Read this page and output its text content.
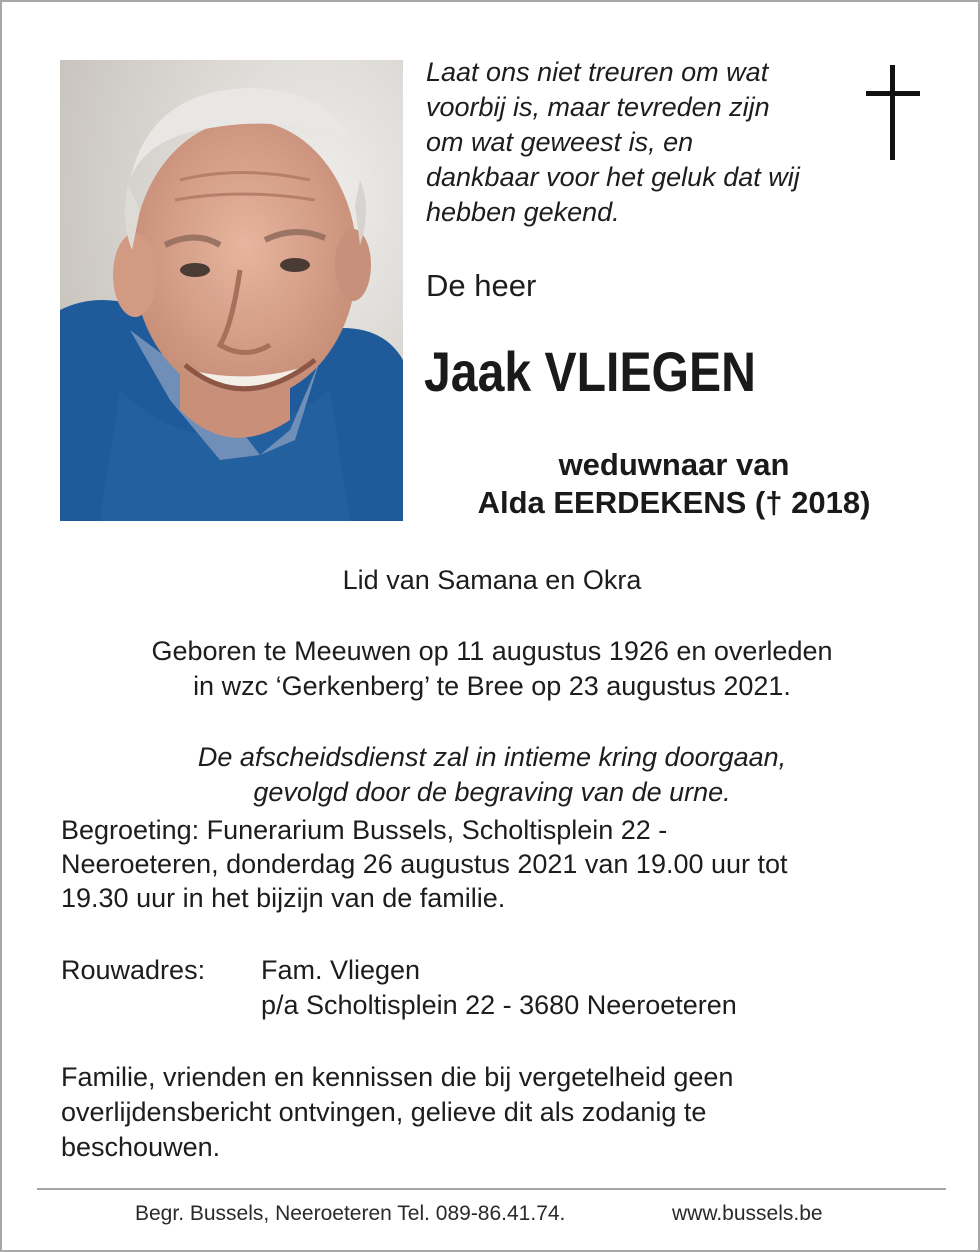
Laat ons niet treuren om wat
voorbij is, maar tevreden zijn
om wat geweest is, en
dankbaar voor het geluk dat wij
hebben gekend.
De heer
Jaak VLIEGEN
weduwnaar van
Alda EERDEKENS († 2018)
Lid van Samana en Okra
Geboren te Meeuwen op 11 augustus 1926 en overleden
in wzc ‘Gerkenberg’ te Bree op 23 augustus 2021.
De afscheidsdienst zal in intieme kring doorgaan,
gevolgd door de begraving van de urne.
Begroeting: Funerarium Bussels, Scholtisplein 22 -
Neeroeteren, donderdag 26 augustus 2021 van 19.00 uur tot
19.30 uur in het bijzijn van de familie.
Rouwadres: Fam. Vliegen
p/a Scholtisplein 22 - 3680 Neeroeteren
Familie, vrienden en kennissen die bij vergetelheid geen
overlijdensbericht ontvingen, gelieve dit als zodanig te
beschouwen.
Begr. Bussels, Neeroeteren Tel. 089-86.41.74.	www.bussels.be
